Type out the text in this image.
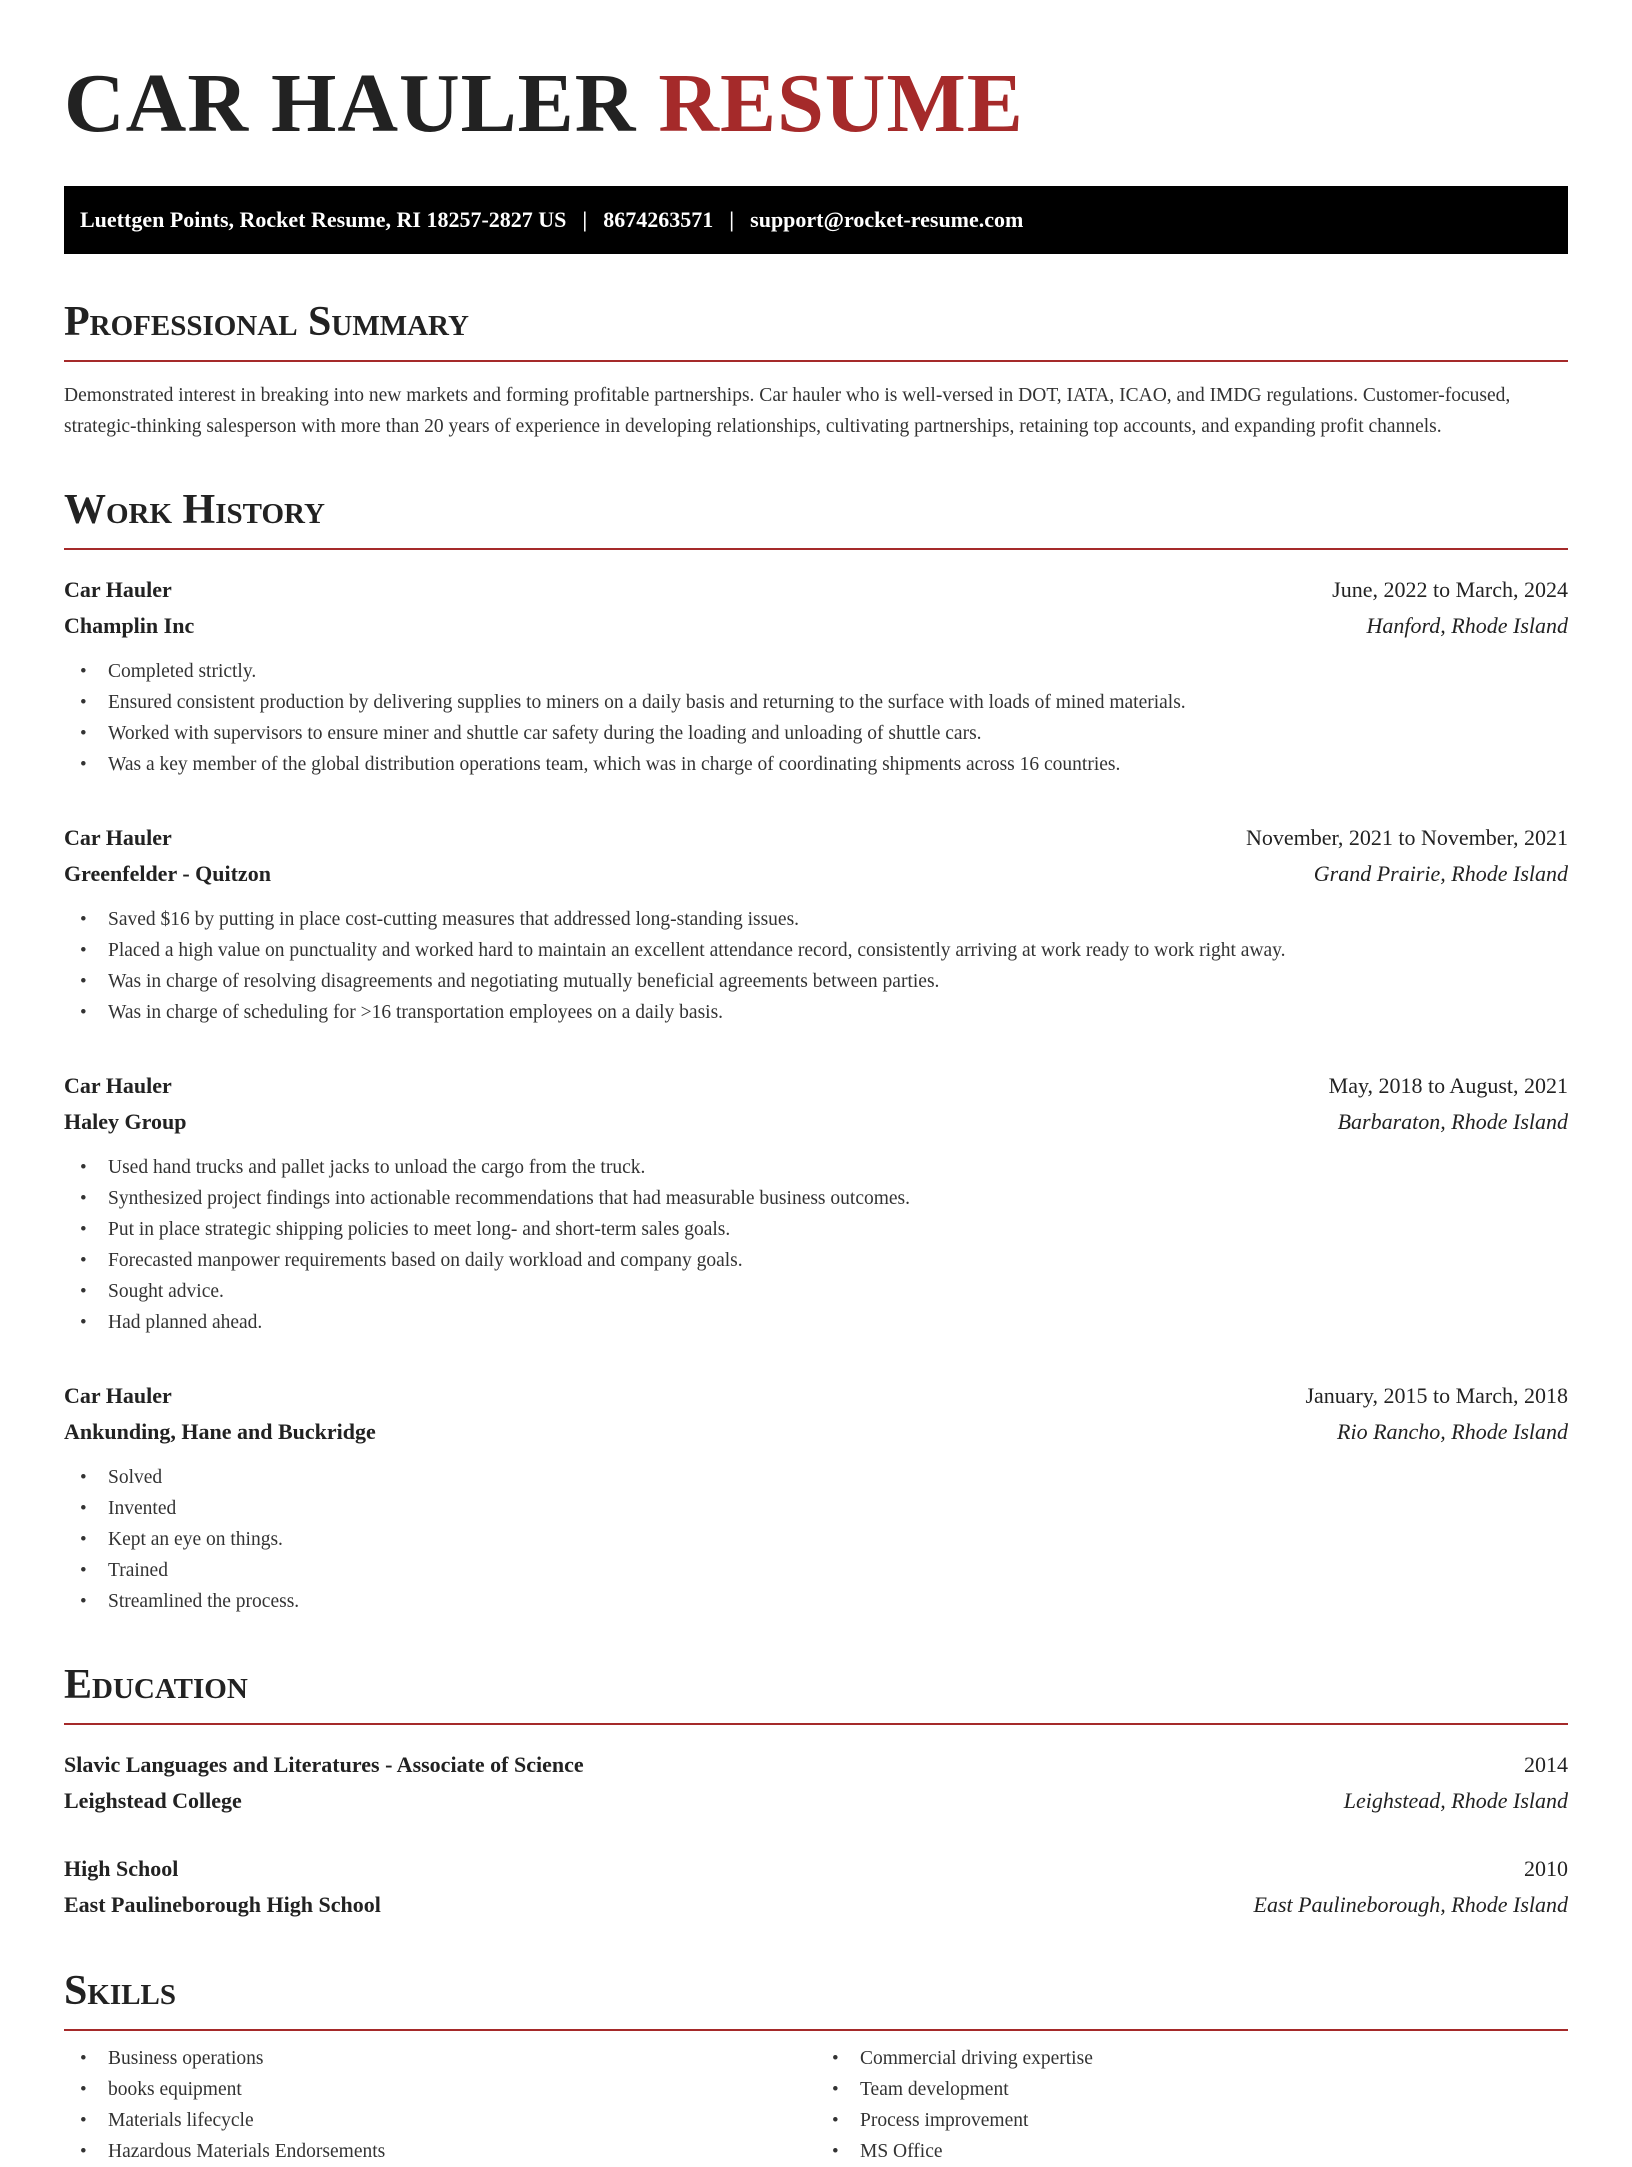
CAR HAULER RESUME
Luettgen Points, Rocket Resume, RI 18257-2827 US | 8674263571 | support@rocket-resume.com
Professional Summary

Demonstrated interest in breaking into new markets and forming profitable partnerships. Car hauler who is well-versed in DOT, IATA, ICAO, and IMDG regulations. Customer-focused, strategic-thinking salesperson with more than 20 years of experience in developing relationships, cultivating partnerships, retaining top accounts, and expanding profit channels.

Work History
Car Hauler	June, 2022 to March, 2024
Champlin Inc	Hanford, Rhode Island
• Completed strictly.
• Ensured consistent production by delivering supplies to miners on a daily basis and returning to the surface with loads of mined materials.
• Worked with supervisors to ensure miner and shuttle car safety during the loading and unloading of shuttle cars.
• Was a key member of the global distribution operations team, which was in charge of coordinating shipments across 16 countries.
Car Hauler	November, 2021 to November, 2021
Greenfelder - Quitzon	Grand Prairie, Rhode Island
• Saved $16 by putting in place cost-cutting measures that addressed long-standing issues.
• Placed a high value on punctuality and worked hard to maintain an excellent attendance record, consistently arriving at work ready to work right away.
• Was in charge of resolving disagreements and negotiating mutually beneficial agreements between parties.
• Was in charge of scheduling for >16 transportation employees on a daily basis.
Car Hauler	May, 2018 to August, 2021
Haley Group	Barbaraton, Rhode Island
• Used hand trucks and pallet jacks to unload the cargo from the truck.
• Synthesized project findings into actionable recommendations that had measurable business outcomes.
• Put in place strategic shipping policies to meet long- and short-term sales goals.
• Forecasted manpower requirements based on daily workload and company goals.
• Sought advice.
• Had planned ahead.
Car Hauler	January, 2015 to March, 2018
Ankunding, Hane and Buckridge	Rio Rancho, Rhode Island
• Solved
• Invented
• Kept an eye on things.
• Trained
• Streamlined the process.
Education
Slavic Languages and Literatures - Associate of Science	2014
Leighstead College	Leighstead, Rhode Island
High School	2010
East Paulineborough High School	East Paulineborough, Rhode Island
Skills
• Business operations
• books equipment
• Materials lifecycle
• Hazardous Materials Endorsements
• Commercial driving expertise
• Team development
• Process improvement
• MS Office
